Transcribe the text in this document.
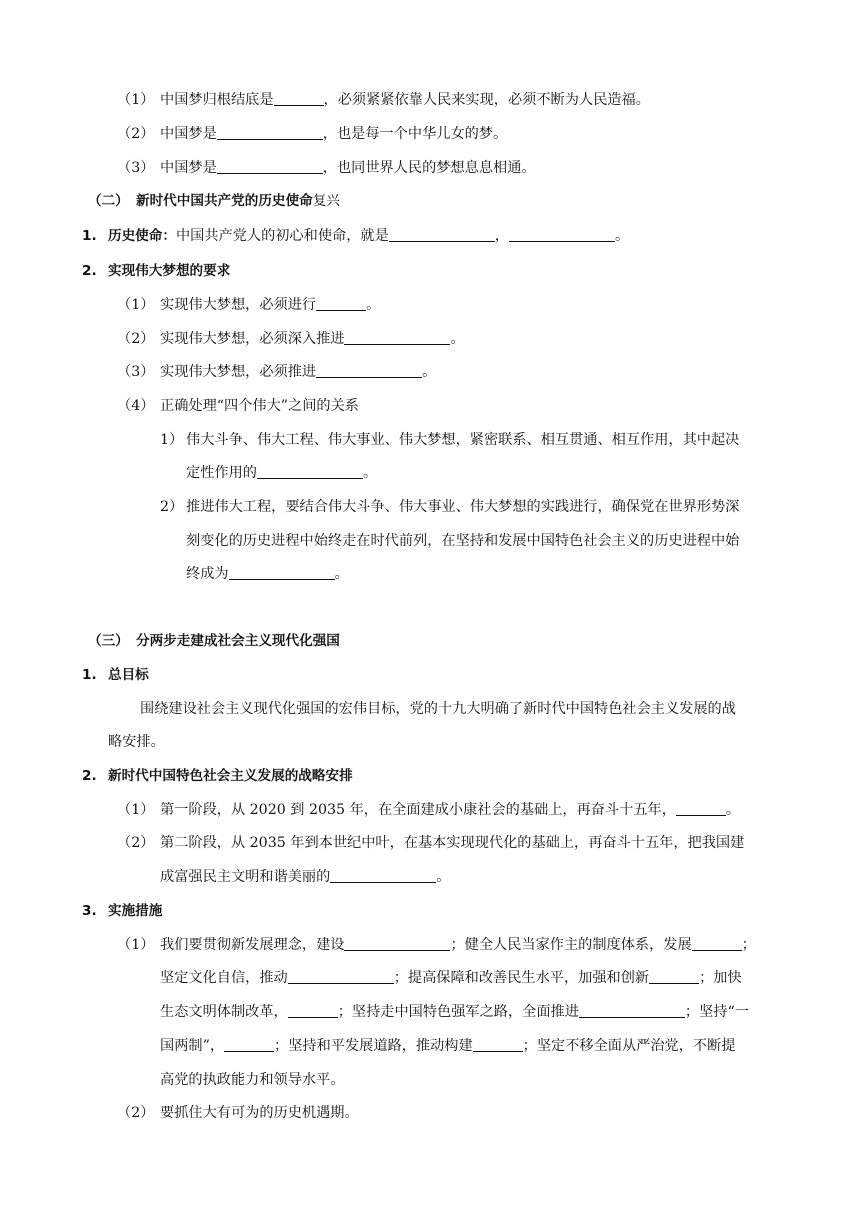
（1） 中国梦归根结底是	，必须紧紧依靠人民来实现，必须不断为人民造福。
（2） 中国梦是	，也是每一个中华儿女的梦。
（3） 中国梦是	，也同世界人民的梦想息息相通。
（二） 新时代中国共产党的历史使命复兴
1. 历史使命：中国共产党人的初心和使命，就是	，	。
2. 实现伟大梦想的要求
（1） 实现伟大梦想，必须进行	。
（2） 实现伟大梦想，必须深入推进	。
（3） 实现伟大梦想，必须推进	。
（4） 正确处理“四个伟大”之间的关系
1） 伟大斗争、伟大工程、伟大事业、伟大梦想，紧密联系、相互贯通、相互作用，其中起决
定性作用的	。
2） 推进伟大工程，要结合伟大斗争、伟大事业、伟大梦想的实践进行，确保党在世界形势深
刻变化的历史进程中始终走在时代前列，在坚持和发展中国特色社会主义的历史进程中始
终成为	。
（三） 分两步走建成社会主义现代化强国
1. 总目标
围绕建设社会主义现代化强国的宏伟目标，党的十九大明确了新时代中国特色社会主义发展的战
略安排。
2. 新时代中国特色社会主义发展的战略安排
（1） 第一阶段，从 2020 到 2035 年，在全面建成小康社会的基础上，再奋斗十五年，	。
（2） 第二阶段，从 2035 年到本世纪中叶，在基本实现现代化的基础上，再奋斗十五年，把我国建
成富强民主文明和谐美丽的	。
3. 实施措施
（1） 我们要贯彻新发展理念，建设	；健全人民当家作主的制度体系，发展	；
坚定文化自信，推动	；提高保障和改善民生水平，加强和创新	；加快
生态文明体制改革，	；坚持走中国特色强军之路，全面推进	；坚持“一
国两制”，	；坚持和平发展道路，推动构建	；坚定不移全面从严治党，不断提
高党的执政能力和领导水平。
（2） 要抓住大有可为的历史机遇期。
